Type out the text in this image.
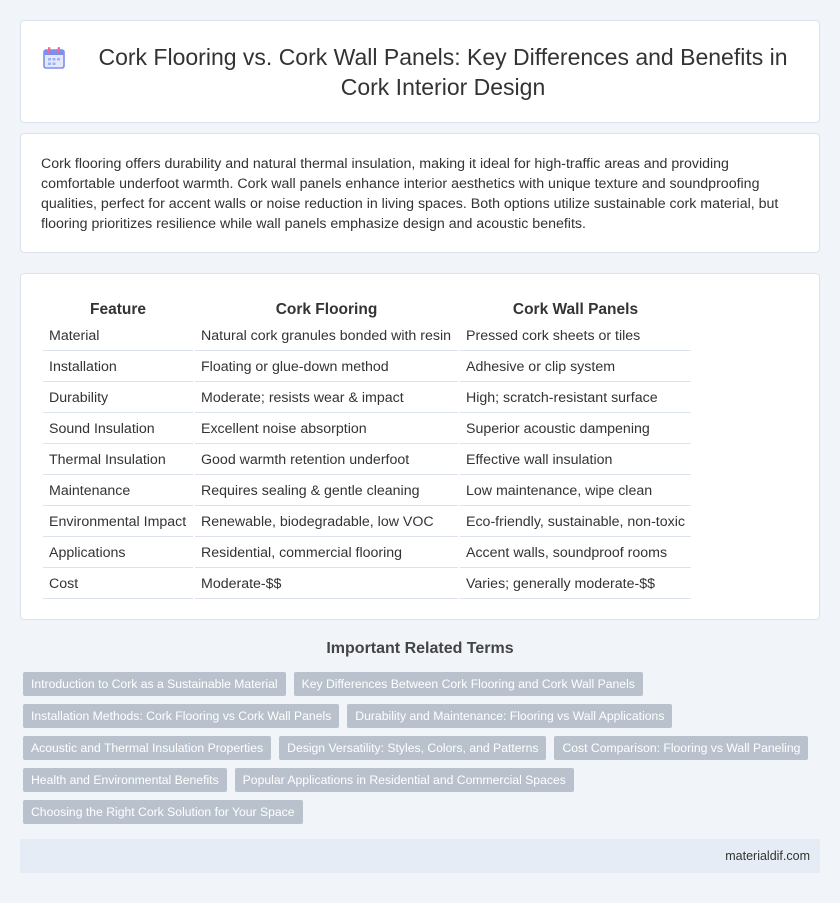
Cork Flooring vs. Cork Wall Panels: Key Differences and Benefits in Cork Interior Design

Cork flooring offers durability and natural thermal insulation, making it ideal for high-traffic areas and providing comfortable underfoot warmth. Cork wall panels enhance interior aesthetics with unique texture and soundproofing qualities, perfect for accent walls or noise reduction in living spaces. Both options utilize sustainable cork material, but flooring prioritizes resilience while wall panels emphasize design and acoustic benefits.

Feature	Cork Flooring	Cork Wall Panels
Material	Natural cork granules bonded with resin	Pressed cork sheets or tiles
Installation	Floating or glue-down method	Adhesive or clip system
Durability	Moderate; resists wear & impact	High; scratch-resistant surface
Sound Insulation	Excellent noise absorption	Superior acoustic dampening
Thermal Insulation	Good warmth retention underfoot	Effective wall insulation
Maintenance	Requires sealing & gentle cleaning	Low maintenance, wipe clean
Environmental Impact	Renewable, biodegradable, low VOC	Eco-friendly, sustainable, non-toxic
Applications	Residential, commercial flooring	Accent walls, soundproof rooms
Cost	Moderate-$$	Varies; generally moderate-$$
Important Related Terms
Introduction to Cork as a Sustainable Material	Key Differences Between Cork Flooring and Cork Wall Panels
Installation Methods: Cork Flooring vs Cork Wall Panels	Durability and Maintenance: Flooring vs Wall Applications
Acoustic and Thermal Insulation Properties	Design Versatility: Styles, Colors, and Patterns	Cost Comparison: Flooring vs Wall Paneling
Health and Environmental Benefits	Popular Applications in Residential and Commercial Spaces
Choosing the Right Cork Solution for Your Space
materialdif.com
